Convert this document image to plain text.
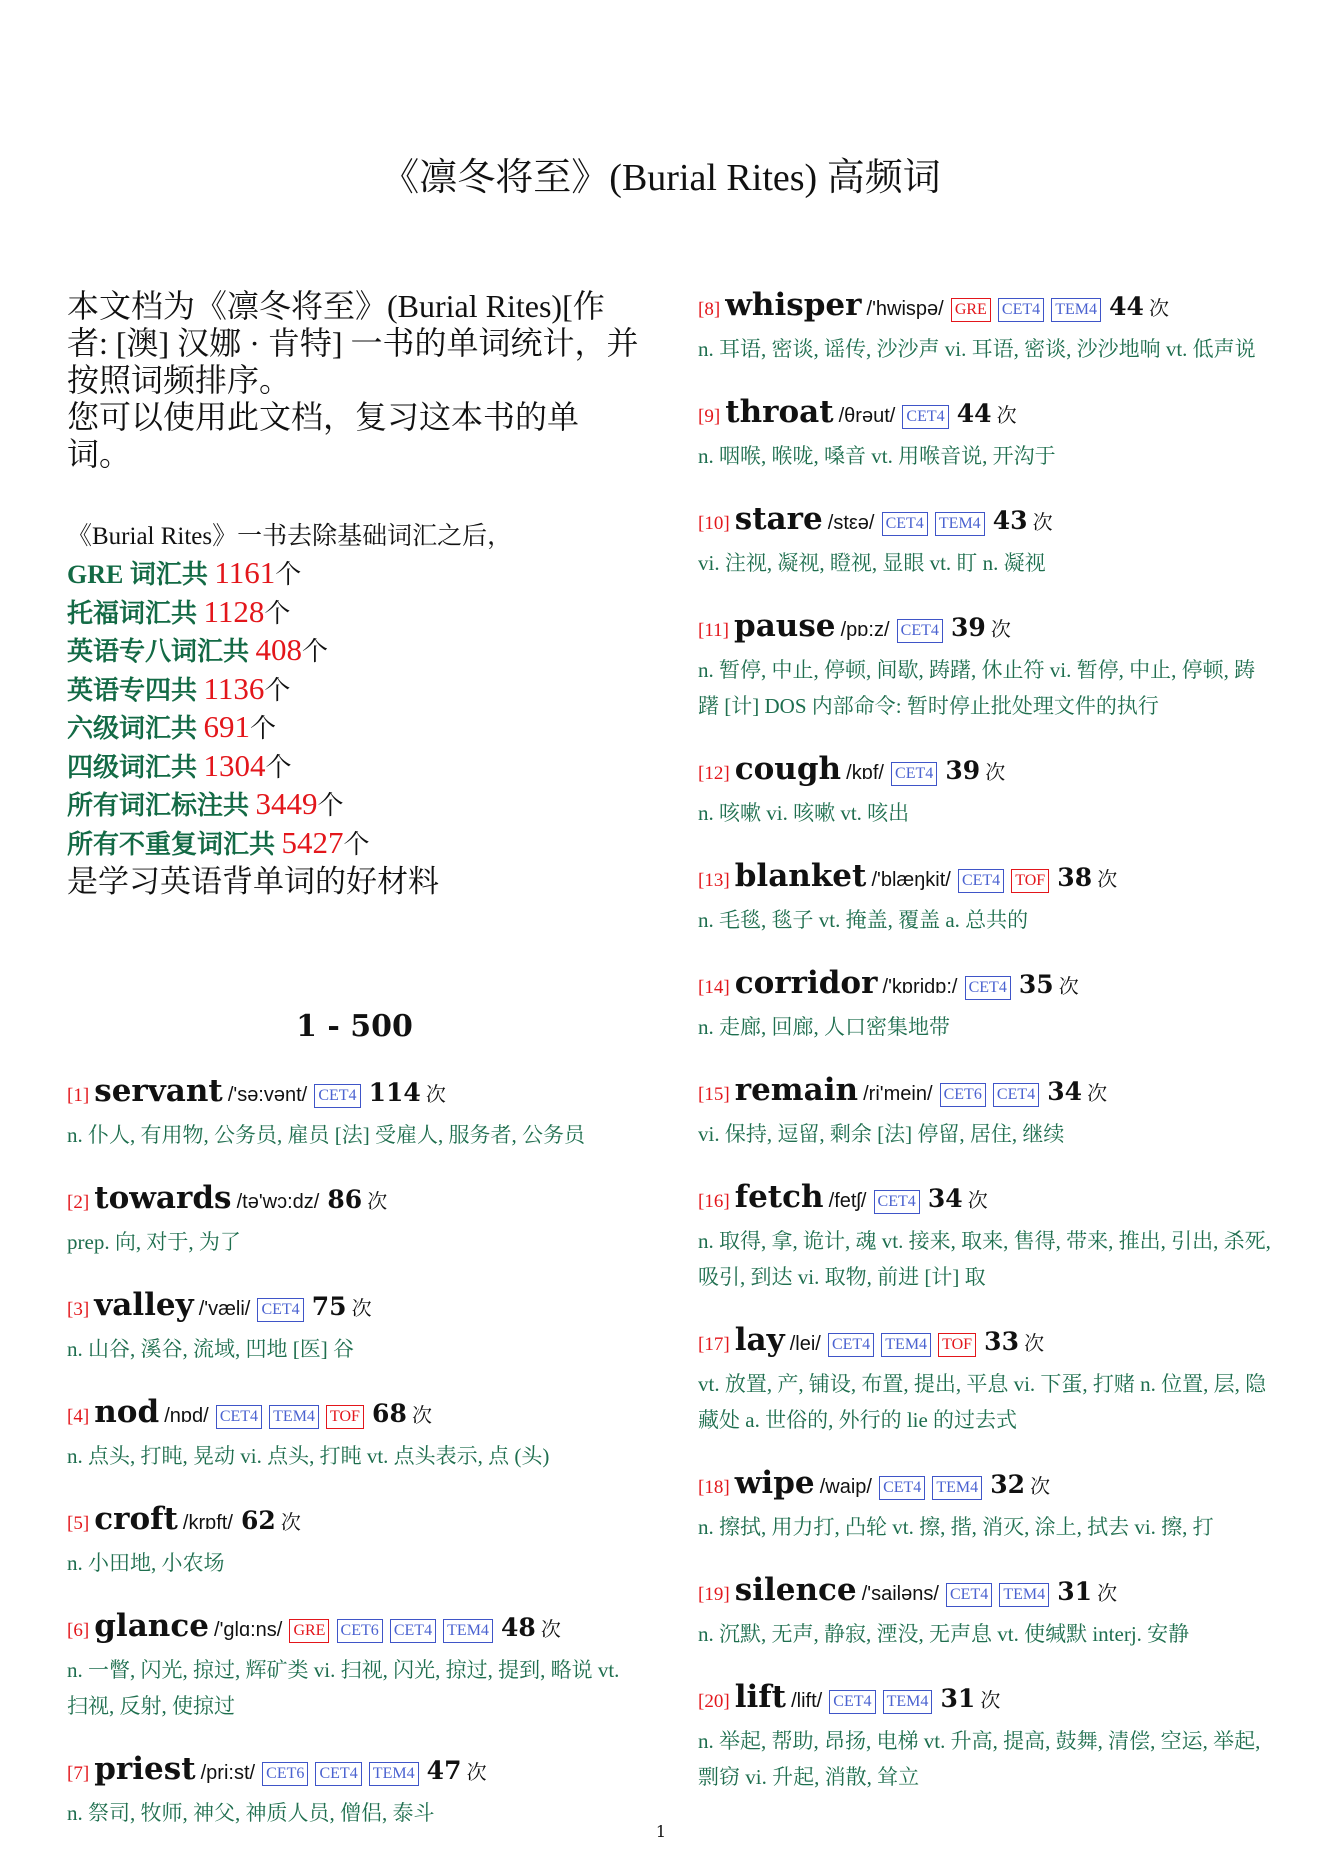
《凛冬将至》(Burial Rites) 高频词

本文档为《凛冬将至》(Burial Rites)[作者: [澳] 汉娜 · 肯特] 一书的单词统计，并按照词频排序。

您可以使用此文档，复习这本书的单词。

《Burial Rites》一书去除基础词汇之后，
GRE 词汇共 1161个
托福词汇共 1128个
英语专八词汇共 408个
英语专四共 1136个
六级词汇共 691个
四级词汇共 1304个
所有词汇标注共 3449个
所有不重复词汇共 5427个
是学习英语背单词的好材料
1 - 500
[1] servant /'sə:vənt/ CET4 114 次
n. 仆人, 有用物, 公务员, 雇员 [法] 受雇人, 服务者, 公务员
[2] towards /tə'wɔ:dz/ 86 次
prep. 向, 对于, 为了
[3] valley /'væli/ CET4 75 次
n. 山谷, 溪谷, 流域, 凹地 [医] 谷
[4] nod /nɒd/ CET4 TEM4 TOF 68 次
n. 点头, 打盹, 晃动 vi. 点头, 打盹 vt. 点头表示, 点 (头)
[5] croft /krɒft/ 62 次
n. 小田地, 小农场
[6] glance /'glɑ:ns/ GRE CET6 CET4 TEM4 48 次
n. 一瞥, 闪光, 掠过, 辉矿类 vi. 扫视, 闪光, 掠过, 提到, 略说 vt. 扫视, 反射, 使掠过
[7] priest /pri:st/ CET6 CET4 TEM4 47 次
n. 祭司, 牧师, 神父, 神质人员, 僧侣, 泰斗
[8] whisper /'hwispə/ GRE CET4 TEM4 44 次
n. 耳语, 密谈, 谣传, 沙沙声 vi. 耳语, 密谈, 沙沙地响 vt. 低声说
[9] throat /θrəut/ CET4 44 次
n. 咽喉, 喉咙, 嗓音 vt. 用喉音说, 开沟于
[10] stare /stεə/ CET4 TEM4 43 次
vi. 注视, 凝视, 瞪视, 显眼 vt. 盯 n. 凝视
[11] pause /pɒ:z/ CET4 39 次
n. 暂停, 中止, 停顿, 间歇, 踌躇, 休止符 vi. 暂停, 中止, 停顿, 踌躇 [计] DOS 内部命令: 暂时停止批处理文件的执行
[12] cough /kɒf/ CET4 39 次
n. 咳嗽 vi. 咳嗽 vt. 咳出
[13] blanket /'blæŋkit/ CET4 TOF 38 次
n. 毛毯, 毯子 vt. 掩盖, 覆盖 a. 总共的
[14] corridor /'kɒridɒ:/ CET4 35 次
n. 走廊, 回廊, 人口密集地带
[15] remain /ri'mein/ CET6 CET4 34 次
vi. 保持, 逗留, 剩余 [法] 停留, 居住, 继续
[16] fetch /fetʃ/ CET4 34 次
n. 取得, 拿, 诡计, 魂 vt. 接来, 取来, 售得, 带来, 推出, 引出, 杀死, 吸引, 到达 vi. 取物, 前进 [计] 取
[17] lay /lei/ CET4 TEM4 TOF 33 次
vt. 放置, 产, 铺设, 布置, 提出, 平息 vi. 下蛋, 打赌 n. 位置, 层, 隐藏处 a. 世俗的, 外行的 lie 的过去式
[18] wipe /waip/ CET4 TEM4 32 次
n. 擦拭, 用力打, 凸轮 vt. 擦, 揩, 消灭, 涂上, 拭去 vi. 擦, 打
[19] silence /'sailəns/ CET4 TEM4 31 次
n. 沉默, 无声, 静寂, 湮没, 无声息 vt. 使缄默 interj. 安静
[20] lift /lift/ CET4 TEM4 31 次
n. 举起, 帮助, 昂扬, 电梯 vt. 升高, 提高, 鼓舞, 清偿, 空运, 举起, 剽窃 vi. 升起, 消散, 耸立
1
